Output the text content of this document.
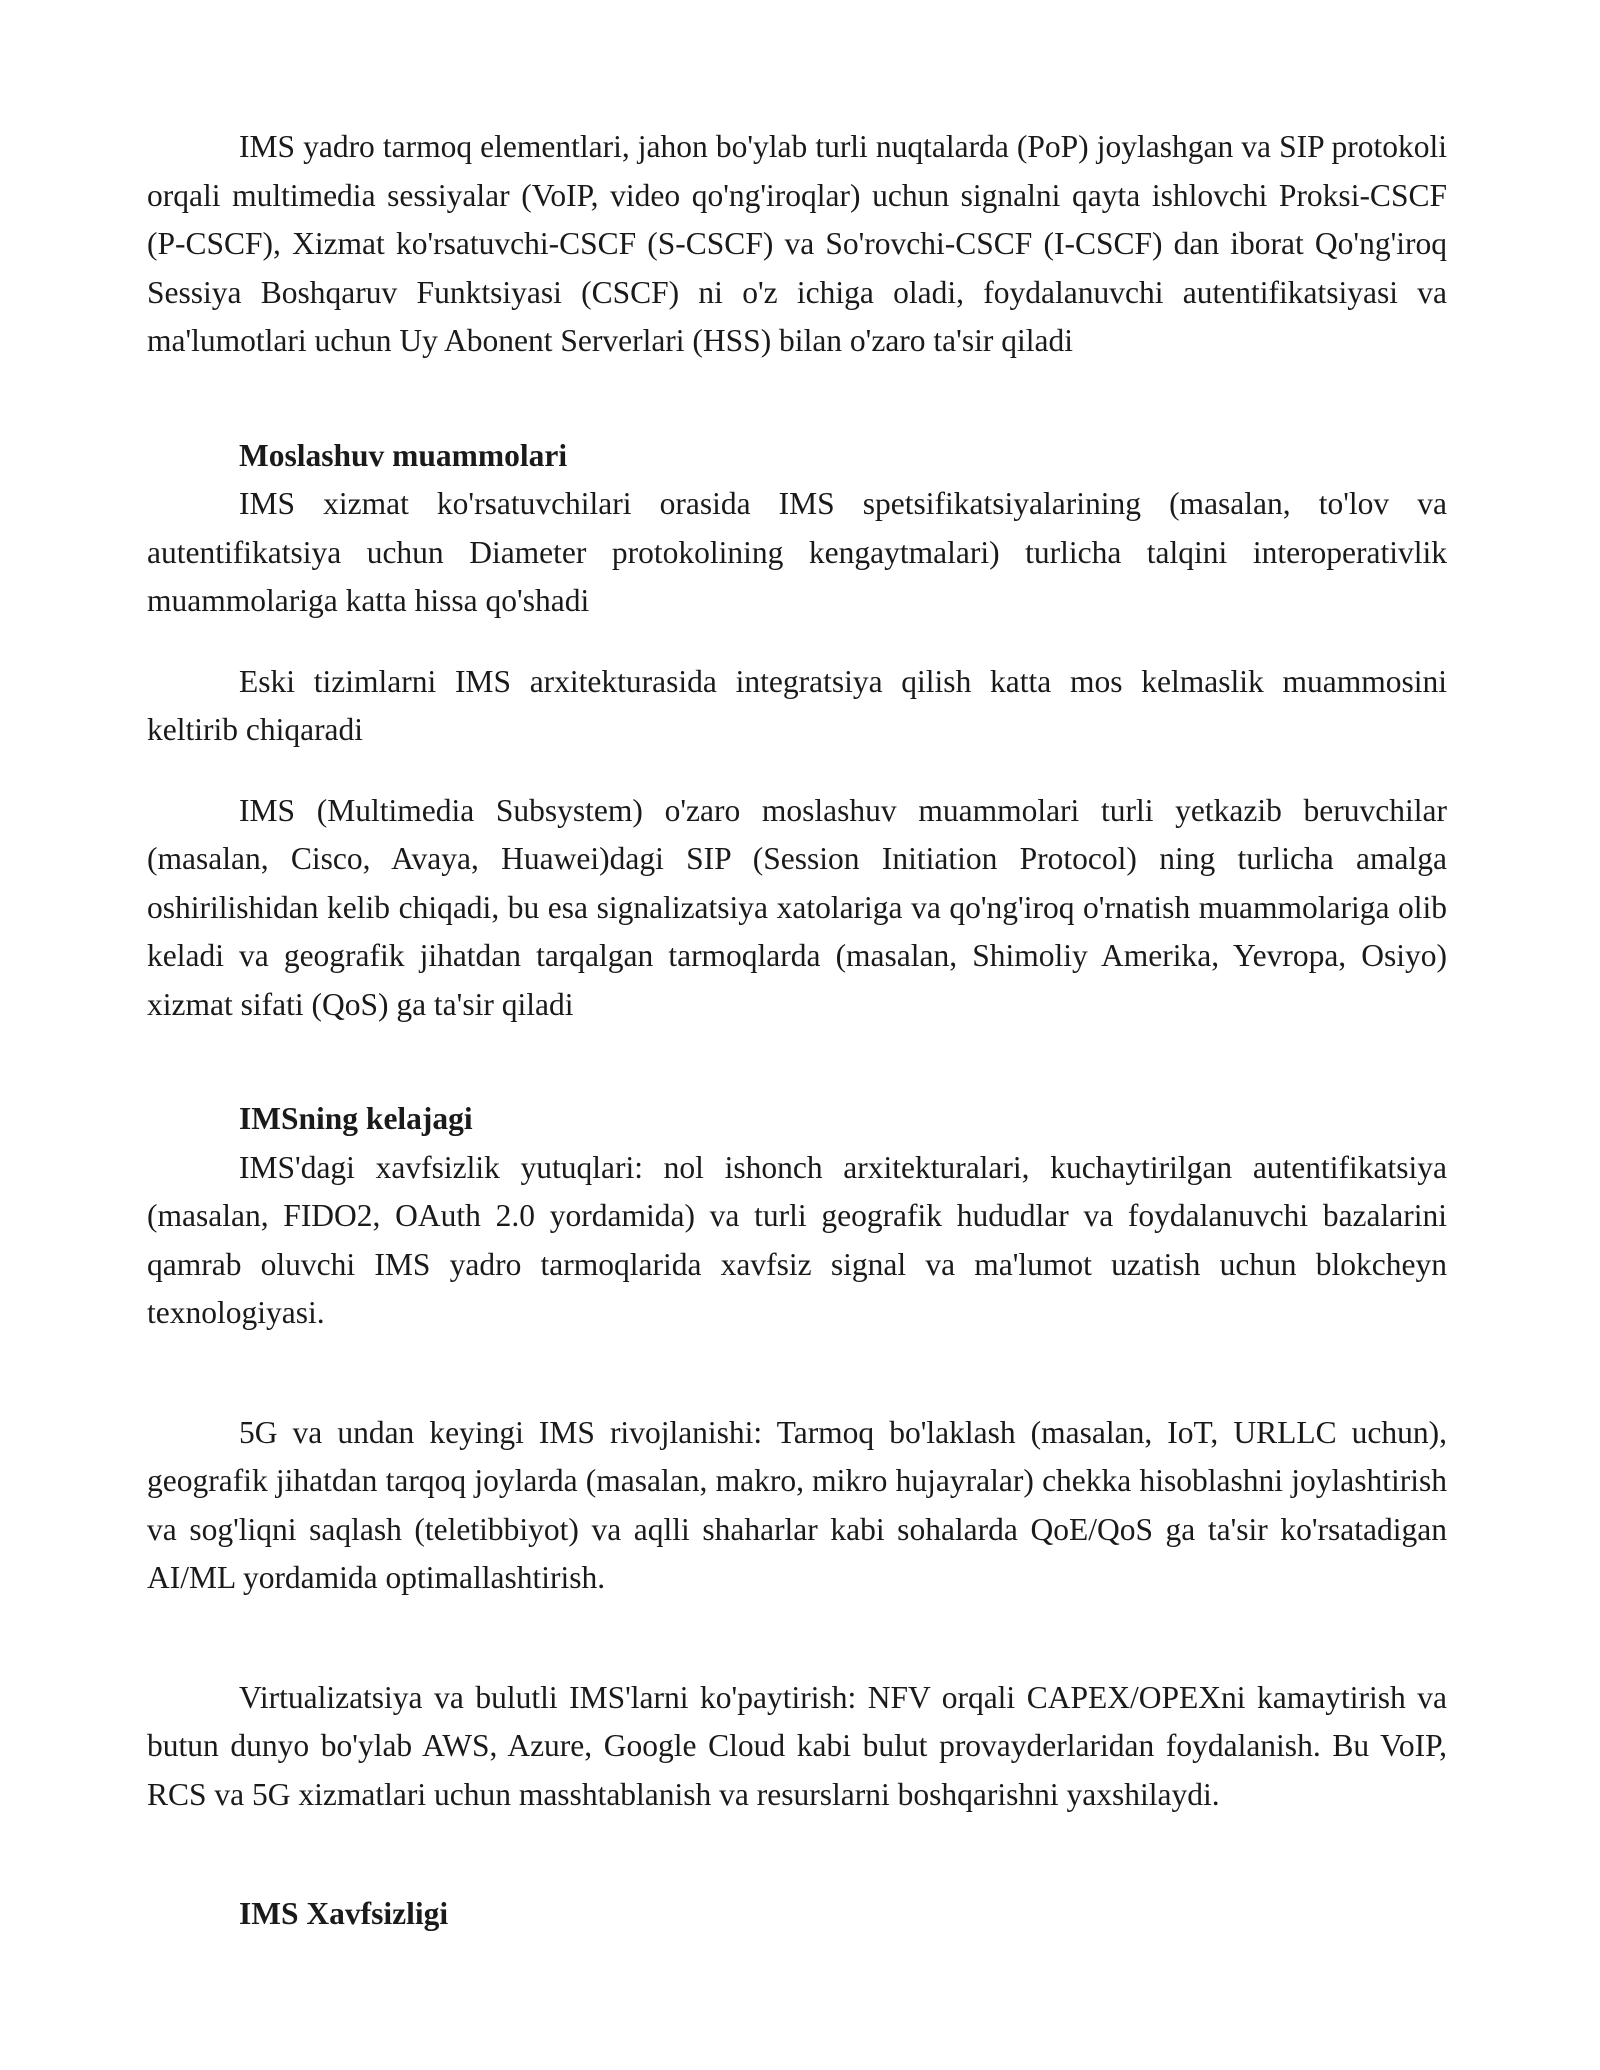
IMS yadro tarmoq elementlari, jahon bo'ylab turli nuqtalarda (PoP) joylashgan va SIP protokoli orqali multimedia sessiyalar (VoIP, video qo'ng'iroqlar) uchun signalni qayta ishlovchi Proksi-CSCF (P-CSCF), Xizmat ko'rsatuvchi-CSCF (S-CSCF) va So'rovchi-CSCF (I-CSCF) dan iborat Qo'ng'iroq Sessiya Boshqaruv Funktsiyasi (CSCF) ni o'z ichiga oladi, foydalanuvchi autentifikatsiyasi va ma'lumotlari uchun Uy Abonent Serverlari (HSS) bilan o'zaro ta'sir qiladi

Moslashuv muammolari

IMS xizmat ko'rsatuvchilari orasida IMS spetsifikatsiyalarining (masalan, to'lov va autentifikatsiya uchun Diameter protokolining kengaytmalari) turlicha talqini interoperativlik muammolariga katta hissa qo'shadi

Eski tizimlarni IMS arxitekturasida integratsiya qilish katta mos kelmaslik muammosini keltirib chiqaradi

IMS (Multimedia Subsystem) o'zaro moslashuv muammolari turli yetkazib beruvchilar (masalan, Cisco, Avaya, Huawei)dagi SIP (Session Initiation Protocol) ning turlicha amalga oshirilishidan kelib chiqadi, bu esa signalizatsiya xatolariga va qo'ng'iroq o'rnatish muammolariga olib keladi va geografik jihatdan tarqalgan tarmoqlarda (masalan, Shimoliy Amerika, Yevropa, Osiyo) xizmat sifati (QoS) ga ta'sir qiladi

IMSning kelajagi

IMS'dagi xavfsizlik yutuqlari: nol ishonch arxitekturalari, kuchaytirilgan autentifikatsiya (masalan, FIDO2, OAuth 2.0 yordamida) va turli geografik hududlar va foydalanuvchi bazalarini qamrab oluvchi IMS yadro tarmoqlarida xavfsiz signal va ma'lumot uzatish uchun blokcheyn texnologiyasi.

5G va undan keyingi IMS rivojlanishi: Tarmoq bo'laklash (masalan, IoT, URLLC uchun), geografik jihatdan tarqoq joylarda (masalan, makro, mikro hujayralar) chekka hisoblashni joylashtirish va sog'liqni saqlash (teletibbiyot) va aqlli shaharlar kabi sohalarda QoE/QoS ga ta'sir ko'rsatadigan AI/ML yordamida optimallashtirish.

Virtualizatsiya va bulutli IMS'larni ko'paytirish: NFV orqali CAPEX/OPEXni kamaytirish va butun dunyo bo'ylab AWS, Azure, Google Cloud kabi bulut provayderlaridan foydalanish. Bu VoIP, RCS va 5G xizmatlari uchun masshtablanish va resurslarni boshqarishni yaxshilaydi.

IMS Xavfsizligi
